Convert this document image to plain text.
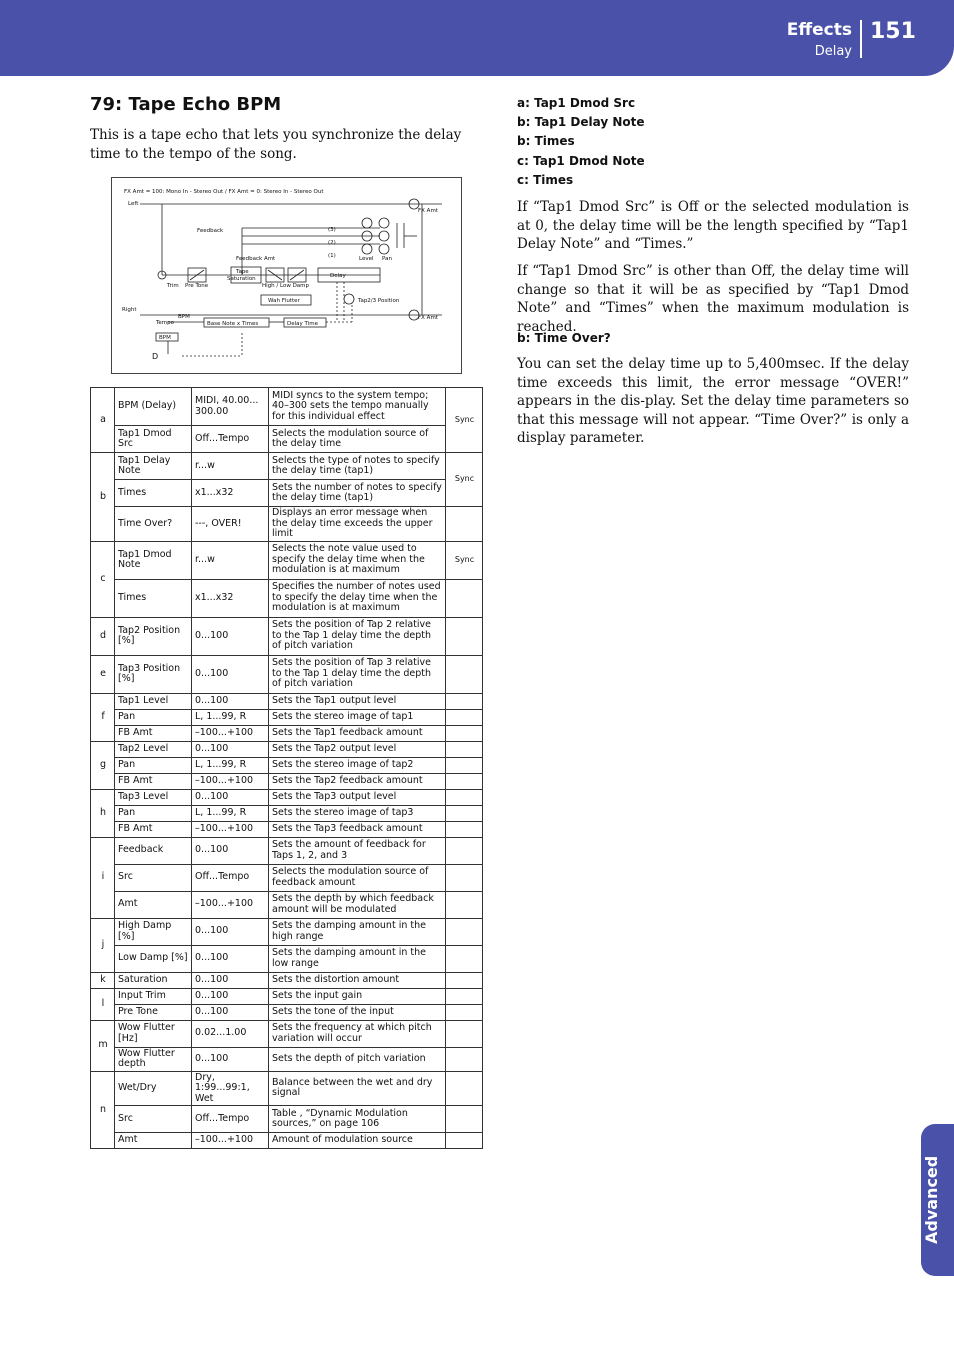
Effects
Delay
151
Advanced
79: Tape Echo BPM
This is a tape echo that lets you synchronize the delay time to the tempo of the song.
FX Amt = 100: Mono In - Stereo Out / FX Amt = 0: Stereo In - Stereo Out
Left
Right
FX Amt
FX Amt
Feedback
Feedback Amt
(3)
(2)
(1)	Level Pan
Trim Pre Tone
Tape
Saturation
High / Low Damp
Delay
Wah Flutter	Tap2/3 Position
BPM
Tempo	Base Note x Times	Delay Time
BPM
D
a	BPM (Delay)	MIDI, 40.00... 300.00	MIDI syncs to the system tempo; 40–300 sets the tempo manually for this individual effect	Sync
	Tap1 Dmod Src	Off...Tempo	Selects the modulation source of the delay time	
b	Tap1 Delay Note	r...w	Selects the type of notes to specify the delay time (tap1)	Sync
	Times	x1...x32	Sets the number of notes to specify the delay time (tap1)	
	Time Over?	---, OVER!	Displays an error message when the delay time exceeds the upper limit	
c	Tap1 Dmod Note	r...w	Selects the note value used to specify the delay time when the modulation is at maximum	Sync
	Times	x1...x32	Specifies the number of notes used to specify the delay time when the modulation is at maximum	
d	Tap2 Position [%]	0...100	Sets the position of Tap 2 relative to the Tap 1 delay time the depth of pitch variation	
e	Tap3 Position [%]	0...100	Sets the position of Tap 3 relative to the Tap 1 delay time the depth of pitch variation	
f	Tap1 Level	0...100	Sets the Tap1 output level	
	Pan	L, 1...99, R	Sets the stereo image of tap1	
	FB Amt	–100...+100	Sets the Tap1 feedback amount	
g	Tap2 Level	0...100	Sets the Tap2 output level	
	Pan	L, 1...99, R	Sets the stereo image of tap2	
	FB Amt	–100...+100	Sets the Tap2 feedback amount	
h	Tap3 Level	0...100	Sets the Tap3 output level	
	Pan	L, 1...99, R	Sets the stereo image of tap3	
	FB Amt	–100...+100	Sets the Tap3 feedback amount	
i	Feedback	0...100	Sets the amount of feedback for Taps 1, 2, and 3	
	Src	Off...Tempo	Selects the modulation source of feedback amount	
	Amt	–100...+100	Sets the depth by which feedback amount will be modulated	
j	High Damp [%]	0...100	Sets the damping amount in the high range	
	Low Damp [%]	0...100	Sets the damping amount in the low range	
k	Saturation	0...100	Sets the distortion amount	
l	Input Trim	0...100	Sets the input gain	
	Pre Tone	0...100	Sets the tone of the input	
m	Wow Flutter [Hz]	0.02...1.00	Sets the frequency at which pitch variation will occur	
	Wow Flutter depth	0...100	Sets the depth of pitch variation	
n	Wet/Dry	Dry, 1:99...99:1, Wet	Balance between the wet and dry signal	
	Src	Off...Tempo	Table , “Dynamic Modulation sources,” on page 106	
	Amt	–100...+100	Amount of modulation source	
a: Tap1 Dmod Src
b: Tap1 Delay Note
b: Times
c: Tap1 Dmod Note
c: Times
If “Tap1 Dmod Src” is Off or the selected modulation is at 0, the delay time will be the length specified by “Tap1 Delay Note” and “Times.”
If “Tap1 Dmod Src” is other than Off, the delay time will change so that it will be as specified by “Tap1 Dmod Note” and “Times” when the maximum modulation is reached.
b: Time Over?
You can set the delay time up to 5,400msec. If the delay time exceeds this limit, the error message “OVER!” appears in the dis-play. Set the delay time parameters so that this message will not appear. “Time Over?” is only a display parameter.
